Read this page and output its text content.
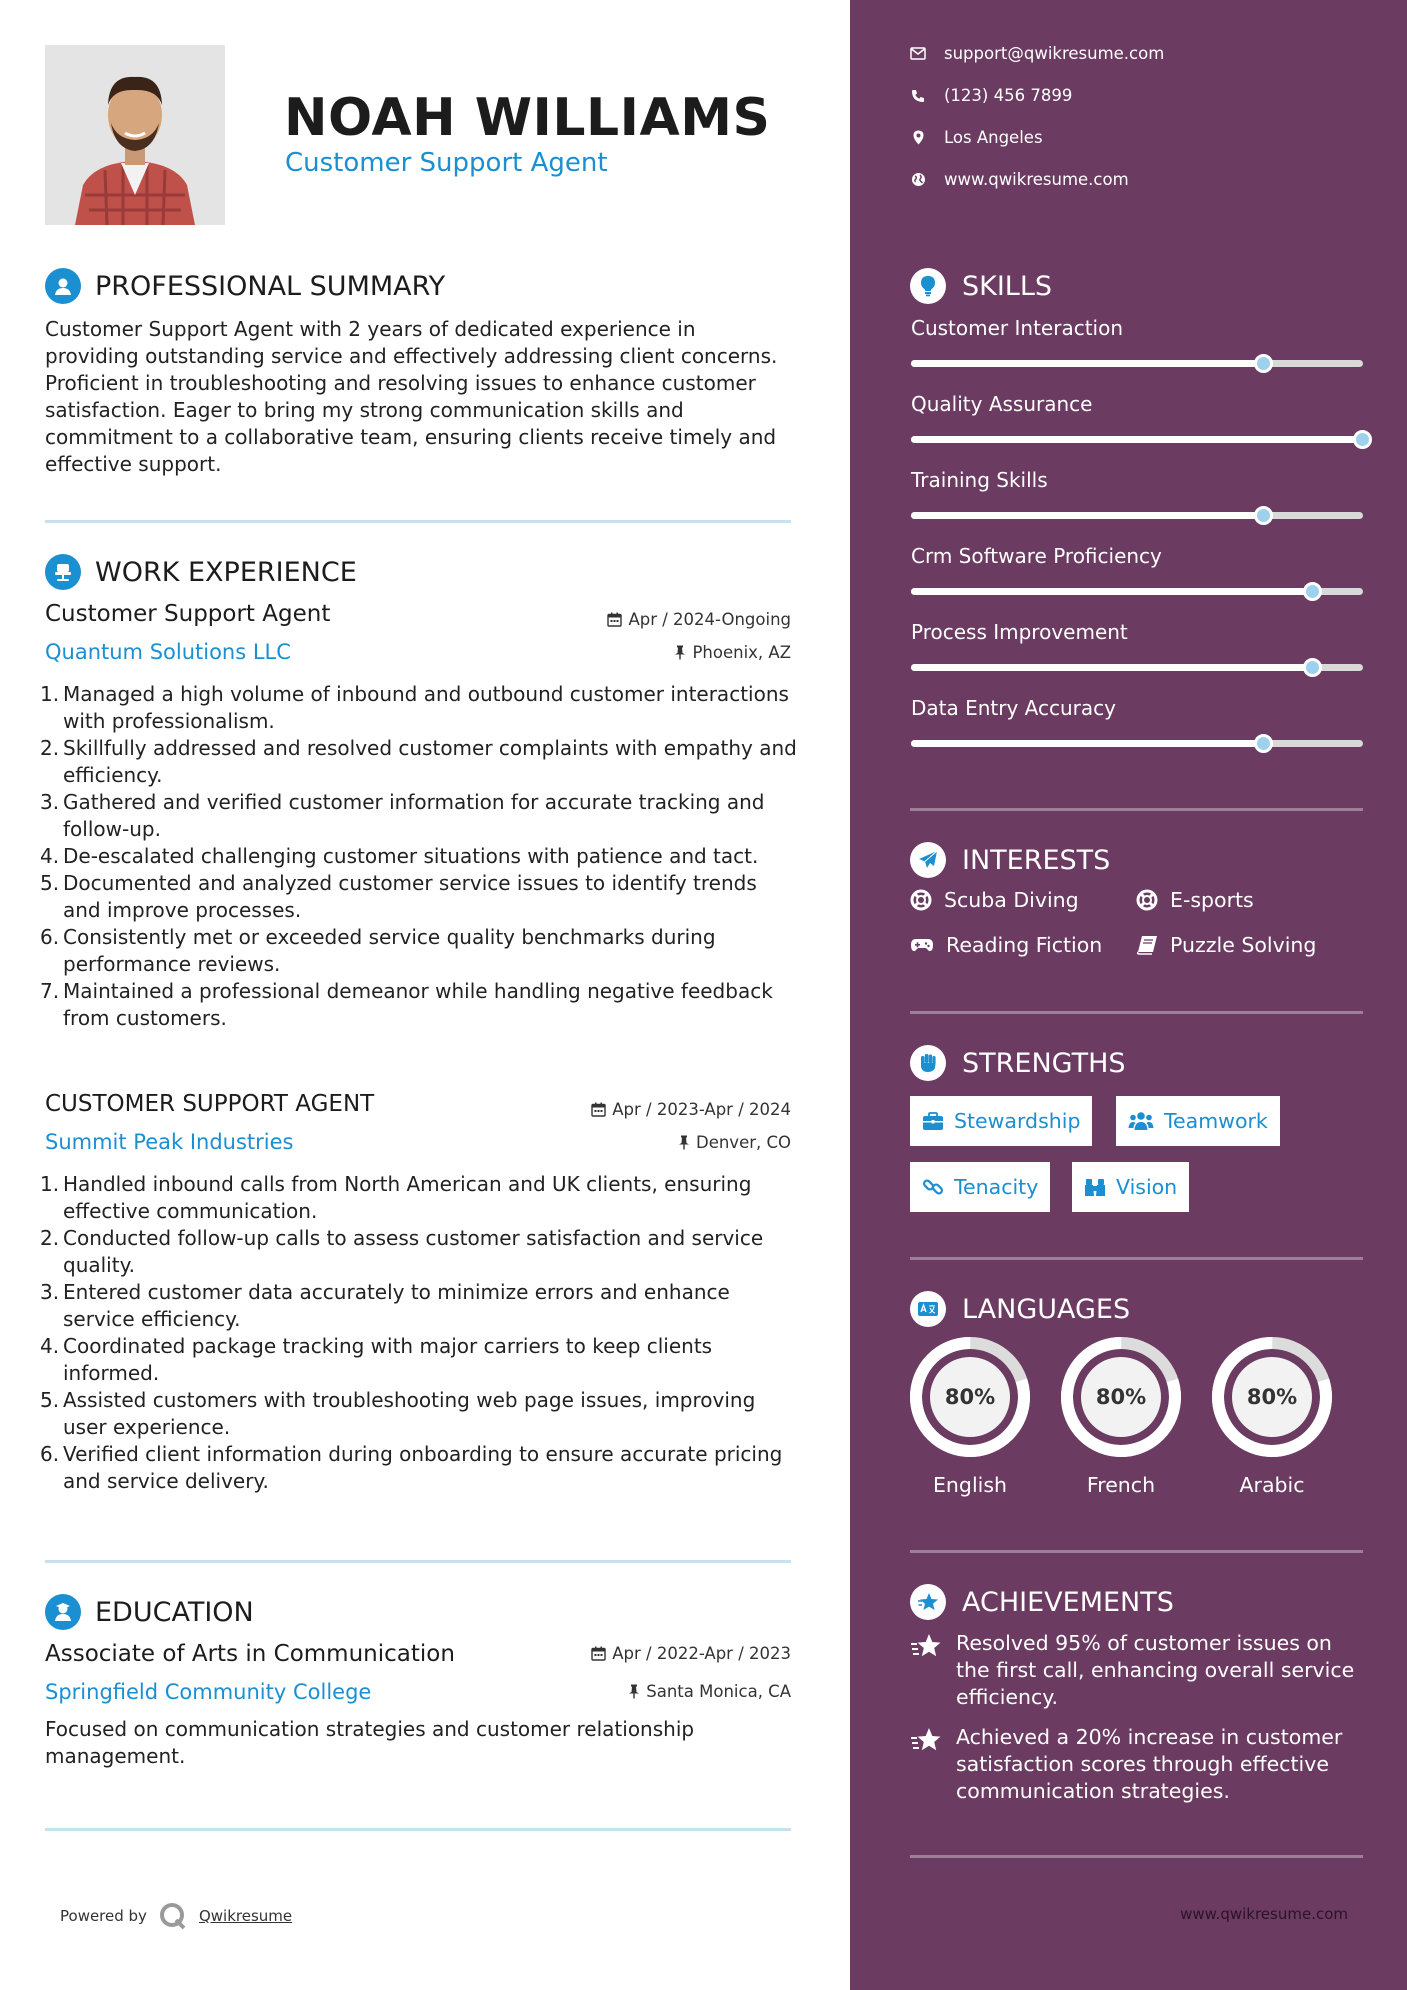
NOAH WILLIAMS
Customer Support Agent
PROFESSIONAL SUMMARY
Customer Support Agent with 2 years of dedicated experience in providing outstanding service and effectively addressing client concerns. Proficient in troubleshooting and resolving issues to enhance customer satisfaction. Eager to bring my strong communication skills and commitment to a collaborative team, ensuring clients receive timely and effective support.
WORK EXPERIENCE
Customer Support Agent	Apr / 2024-Ongoing
Quantum Solutions LLC	Phoenix, AZ
1. Managed a high volume of inbound and outbound customer interactions with professionalism.
2. Skillfully addressed and resolved customer complaints with empathy and efficiency.
3. Gathered and verified customer information for accurate tracking and follow-up.
4. De-escalated challenging customer situations with patience and tact.
5. Documented and analyzed customer service issues to identify trends and improve processes.
6. Consistently met or exceeded service quality benchmarks during performance reviews.
7. Maintained a professional demeanor while handling negative feedback from customers.
CUSTOMER SUPPORT AGENT	Apr / 2023-Apr / 2024
Summit Peak Industries	Denver, CO
1. Handled inbound calls from North American and UK clients, ensuring effective communication.
2. Conducted follow-up calls to assess customer satisfaction and service quality.
3. Entered customer data accurately to minimize errors and enhance service efficiency.
4. Coordinated package tracking with major carriers to keep clients informed.
5. Assisted customers with troubleshooting web page issues, improving user experience.
6. Verified client information during onboarding to ensure accurate pricing and service delivery.
EDUCATION
Associate of Arts in Communication	Apr / 2022-Apr / 2023
Springfield Community College	Santa Monica, CA
Focused on communication strategies and customer relationship management.
Powered by	Qwikresume
support@qwikresume.com
(123) 456 7899
Los Angeles
www.qwikresume.com
SKILLS
Customer Interaction
Quality Assurance
Training Skills
Crm Software Proficiency
Process Improvement
Data Entry Accuracy
INTERESTS
Scuba Diving	E-sports
Reading Fiction	Puzzle Solving
STRENGTHS
Stewardship	Teamwork
Tenacity	Vision
LANGUAGES
80%
English
80%
French
80%
Arabic
ACHIEVEMENTS
Resolved 95% of customer issues on the first call, enhancing overall service efficiency.
Achieved a 20% increase in customer satisfaction scores through effective communication strategies.
www.qwikresume.com
